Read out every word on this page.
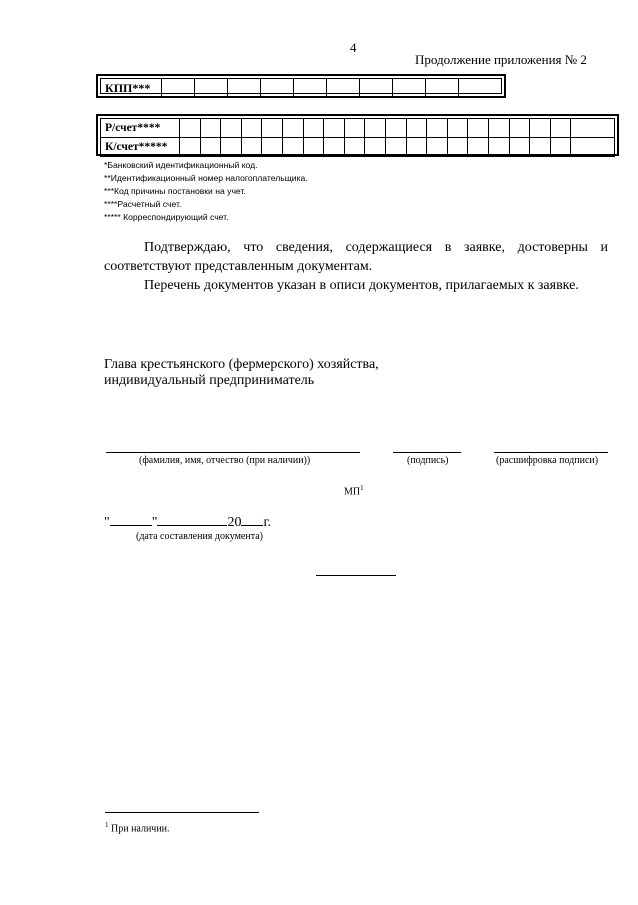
4
Продолжение приложения № 2
КПП***
Р/счет****
К/счет*****
*Банковский идентификационный код.
**Идентификационный номер налогоплательщика.
***Код причины постановки на учет.
****Расчетный счет.
***** Корреспондирующий счет.
Подтверждаю, что сведения, содержащиеся в заявке, достоверны и соответствуют представленным документам.
Перечень документов указан в описи документов, прилагаемых к заявке.
Глава крестьянского (фермерского) хозяйства,
индивидуальный предприниматель
(фамилия, имя, отчество (при наличии))	(подпись)	(расшифровка подписи)
$МП^1$
"	"	20 г.
(дата составления документа)
$^1$ При наличии.
